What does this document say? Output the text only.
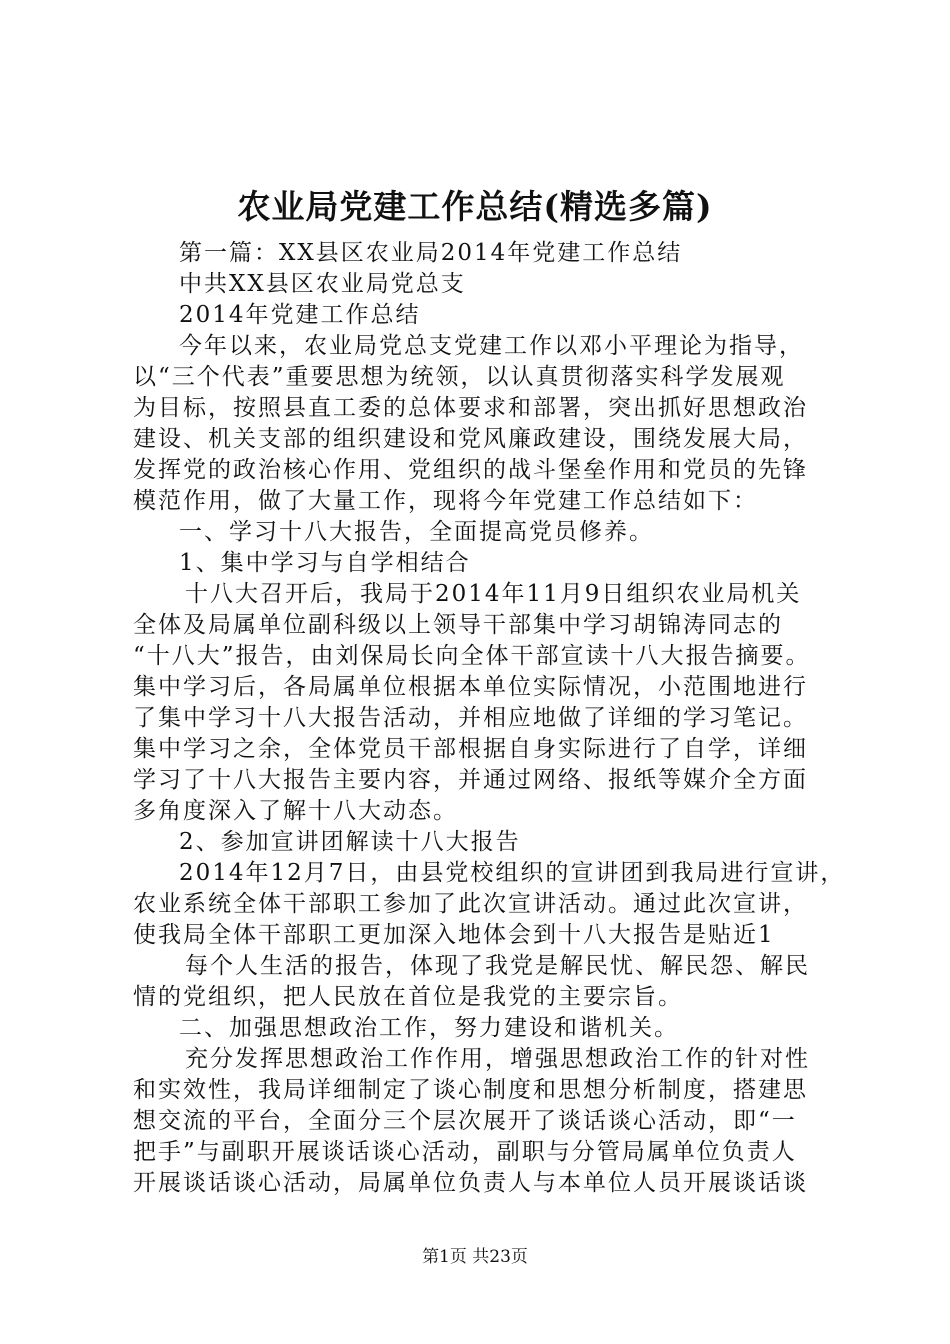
农业局党建工作总结(精选多篇)
第一篇：XX县区农业局2014年党建工作总结
中共XX县区农业局党总支
2014年党建工作总结
今年以来，农业局党总支党建工作以邓小平理论为指导，
以“三个代表”重要思想为统领，以认真贯彻落实科学发展观
为目标，按照县直工委的总体要求和部署，突出抓好思想政治
建设、机关支部的组织建设和党风廉政建设，围绕发展大局，
发挥党的政治核心作用、党组织的战斗堡垒作用和党员的先锋
模范作用，做了大量工作，现将今年党建工作总结如下：
一、学习十八大报告，全面提高党员修养。
1、集中学习与自学相结合
十八大召开后，我局于2014年11月9日组织农业局机关
全体及局属单位副科级以上领导干部集中学习胡锦涛同志的
“十八大”报告，由刘保局长向全体干部宣读十八大报告摘要。
集中学习后，各局属单位根据本单位实际情况，小范围地进行
了集中学习十八大报告活动，并相应地做了详细的学习笔记。
集中学习之余，全体党员干部根据自身实际进行了自学，详细
学习了十八大报告主要内容，并通过网络、报纸等媒介全方面
多角度深入了解十八大动态。
2、参加宣讲团解读十八大报告
2014年12月7日，由县党校组织的宣讲团到我局进行宣讲，
农业系统全体干部职工参加了此次宣讲活动。通过此次宣讲，
使我局全体干部职工更加深入地体会到十八大报告是贴近1
每个人生活的报告，体现了我党是解民忧、解民怨、解民
情的党组织，把人民放在首位是我党的主要宗旨。
二、加强思想政治工作，努力建设和谐机关。
充分发挥思想政治工作作用，增强思想政治工作的针对性
和实效性，我局详细制定了谈心制度和思想分析制度，搭建思
想交流的平台，全面分三个层次展开了谈话谈心活动，即“一
把手”与副职开展谈话谈心活动，副职与分管局属单位负责人
开展谈话谈心活动，局属单位负责人与本单位人员开展谈话谈
第1页 共23页
